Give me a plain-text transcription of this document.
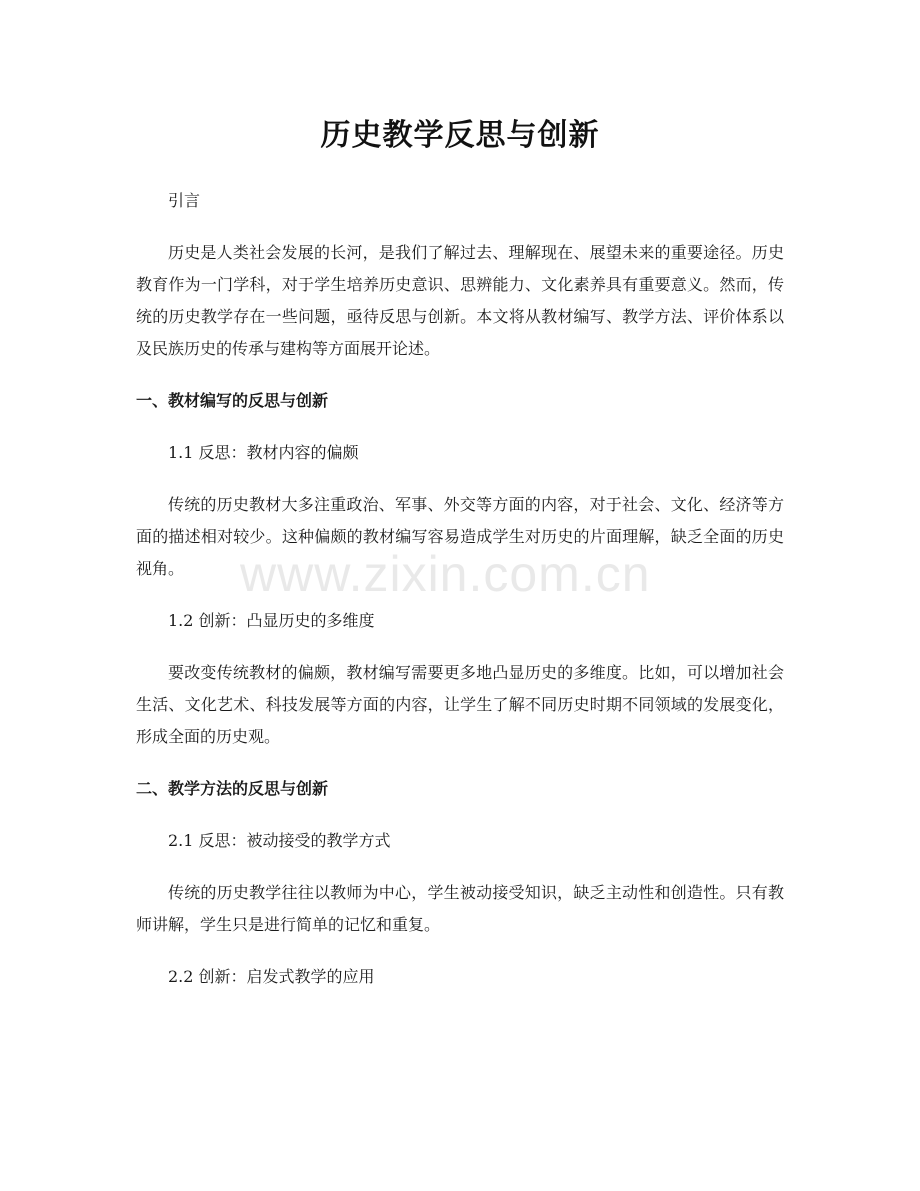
历史教学反思与创新
www.zixin.com.cn

引言

历史是人类社会发展的长河，是我们了解过去、理解现在、展望未来的重要途径。历史教育作为一门学科，对于学生培养历史意识、思辨能力、文化素养具有重要意义。然而，传统的历史教学存在一些问题，亟待反思与创新。本文将从教材编写、教学方法、评价体系以及民族历史的传承与建构等方面展开论述。

一、教材编写的反思与创新

1.1 反思：教材内容的偏颇

传统的历史教材大多注重政治、军事、外交等方面的内容，对于社会、文化、经济等方面的描述相对较少。这种偏颇的教材编写容易造成学生对历史的片面理解，缺乏全面的历史视角。

1.2 创新：凸显历史的多维度

要改变传统教材的偏颇，教材编写需要更多地凸显历史的多维度。比如，可以增加社会生活、文化艺术、科技发展等方面的内容，让学生了解不同历史时期不同领域的发展变化，形成全面的历史观。

二、教学方法的反思与创新

2.1 反思：被动接受的教学方式

传统的历史教学往往以教师为中心，学生被动接受知识，缺乏主动性和创造性。只有教师讲解，学生只是进行简单的记忆和重复。

2.2 创新：启发式教学的应用
